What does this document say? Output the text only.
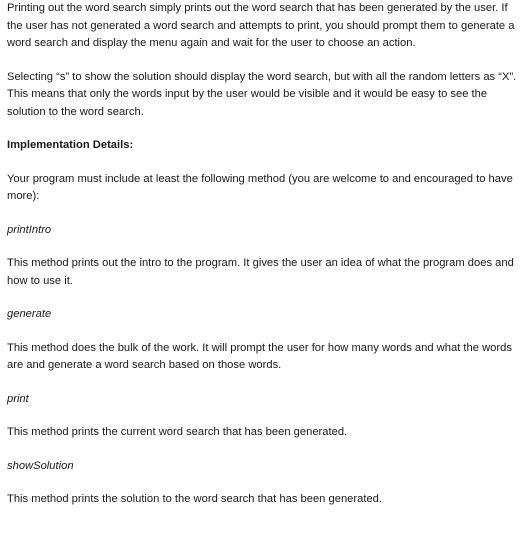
Printing out the word search simply prints out the word search that has been generated by the user. If the user has not generated a word search and attempts to print, you should prompt them to generate a word search and display the menu again and wait for the user to choose an action.

Selecting “s” to show the solution should display the word search, but with all the random letters as “X”. This means that only the words input by the user would be visible and it would be easy to see the solution to the word search.

Implementation Details:

Your program must include at least the following method (you are welcome to and encouraged to have more):

printIntro

This method prints out the intro to the program. It gives the user an idea of what the program does and how to use it.

generate

This method does the bulk of the work. It will prompt the user for how many words and what the words are and generate a word search based on those words.

print

This method prints the current word search that has been generated.

showSolution

This method prints the solution to the word search that has been generated.
